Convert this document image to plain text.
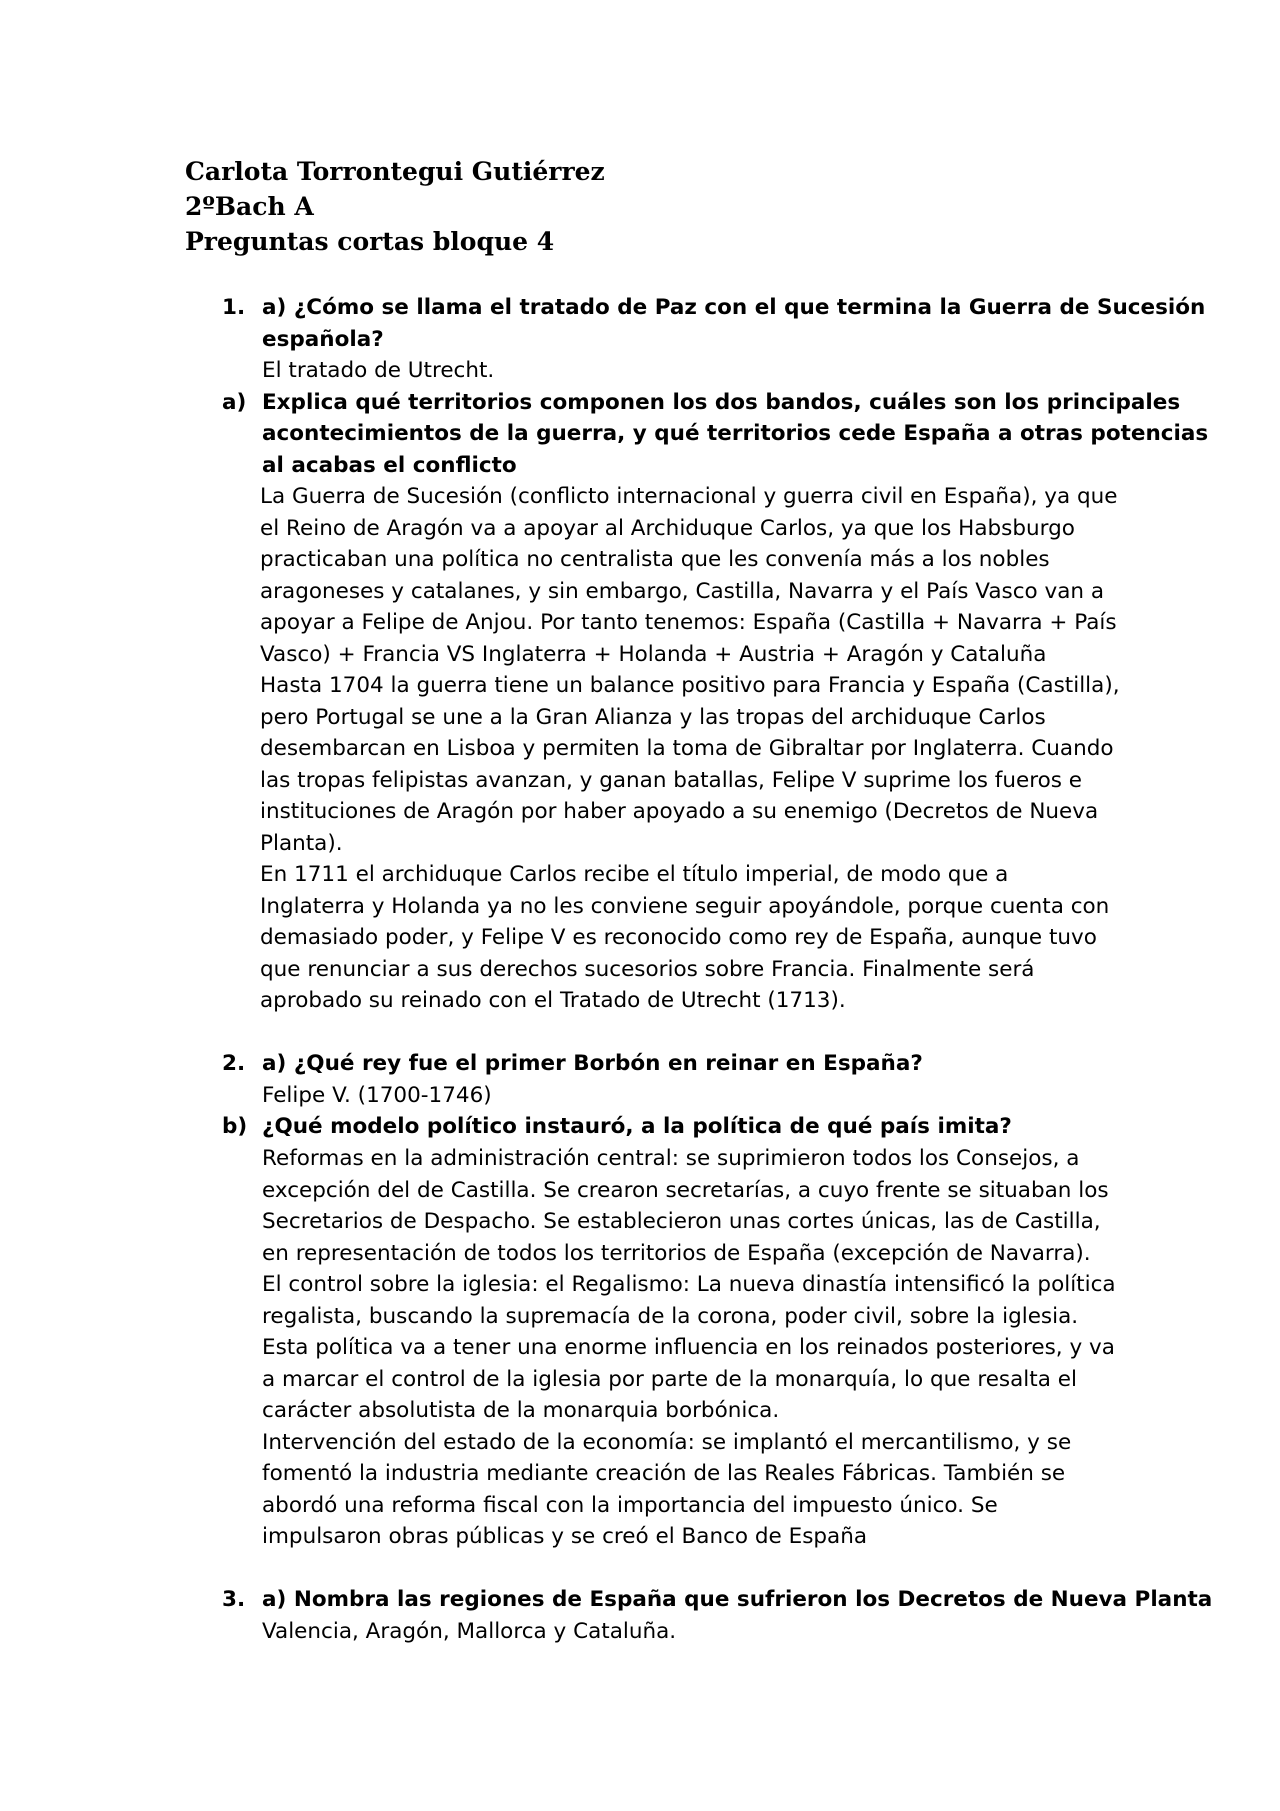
Carlota Torrontegui Gutiérrez
2ºBach A
Preguntas cortas bloque 4
1. a) ¿Cómo se llama el tratado de Paz con el que termina la Guerra de Sucesión
española?
El tratado de Utrecht.
a) Explica qué territorios componen los dos bandos, cuáles son los principales
acontecimientos de la guerra, y qué territorios cede España a otras potencias
al acabas el conflicto

La Guerra de Sucesión (conflicto internacional y guerra civil en España), ya que el Reino de Aragón va a apoyar al Archiduque Carlos, ya que los Habsburgo practicaban una política no centralista que les convenía más a los nobles aragoneses y catalanes, y sin embargo, Castilla, Navarra y el País Vasco van a apoyar a Felipe de Anjou. Por tanto tenemos: España (Castilla + Navarra + País Vasco) + Francia VS Inglaterra + Holanda + Austria + Aragón y Cataluña

Hasta 1704 la guerra tiene un balance positivo para Francia y España (Castilla), pero Portugal se une a la Gran Alianza y las tropas del archiduque Carlos desembarcan en Lisboa y permiten la toma de Gibraltar por Inglaterra. Cuando las tropas felipistas avanzan, y ganan batallas, Felipe V suprime los fueros e instituciones de Aragón por haber apoyado a su enemigo (Decretos de Nueva Planta).

En 1711 el archiduque Carlos recibe el título imperial, de modo que a Inglaterra y Holanda ya no les conviene seguir apoyándole, porque cuenta con demasiado poder, y Felipe V es reconocido como rey de España, aunque tuvo que renunciar a sus derechos sucesorios sobre Francia. Finalmente será aprobado su reinado con el Tratado de Utrecht (1713).

2. a) ¿Qué rey fue el primer Borbón en reinar en España?
Felipe V. (1700-1746)
b) ¿Qué modelo político instauró, a la política de qué país imita?

Reformas en la administración central: se suprimieron todos los Consejos, a excepción del de Castilla. Se crearon secretarías, a cuyo frente se situaban los Secretarios de Despacho. Se establecieron unas cortes únicas, las de Castilla, en representación de todos los territorios de España (excepción de Navarra).

El control sobre la iglesia: el Regalismo: La nueva dinastía intensificó la política regalista, buscando la supremacía de la corona, poder civil, sobre la iglesia. Esta política va a tener una enorme influencia en los reinados posteriores, y va a marcar el control de la iglesia por parte de la monarquía, lo que resalta el carácter absolutista de la monarquia borbónica.

Intervención del estado de la economía: se implantó el mercantilismo, y se fomentó la industria mediante creación de las Reales Fábricas. También se abordó una reforma fiscal con la importancia del impuesto único. Se impulsaron obras públicas y se creó el Banco de España

3. a) Nombra las regiones de España que sufrieron los Decretos de Nueva Planta
Valencia, Aragón, Mallorca y Cataluña.
